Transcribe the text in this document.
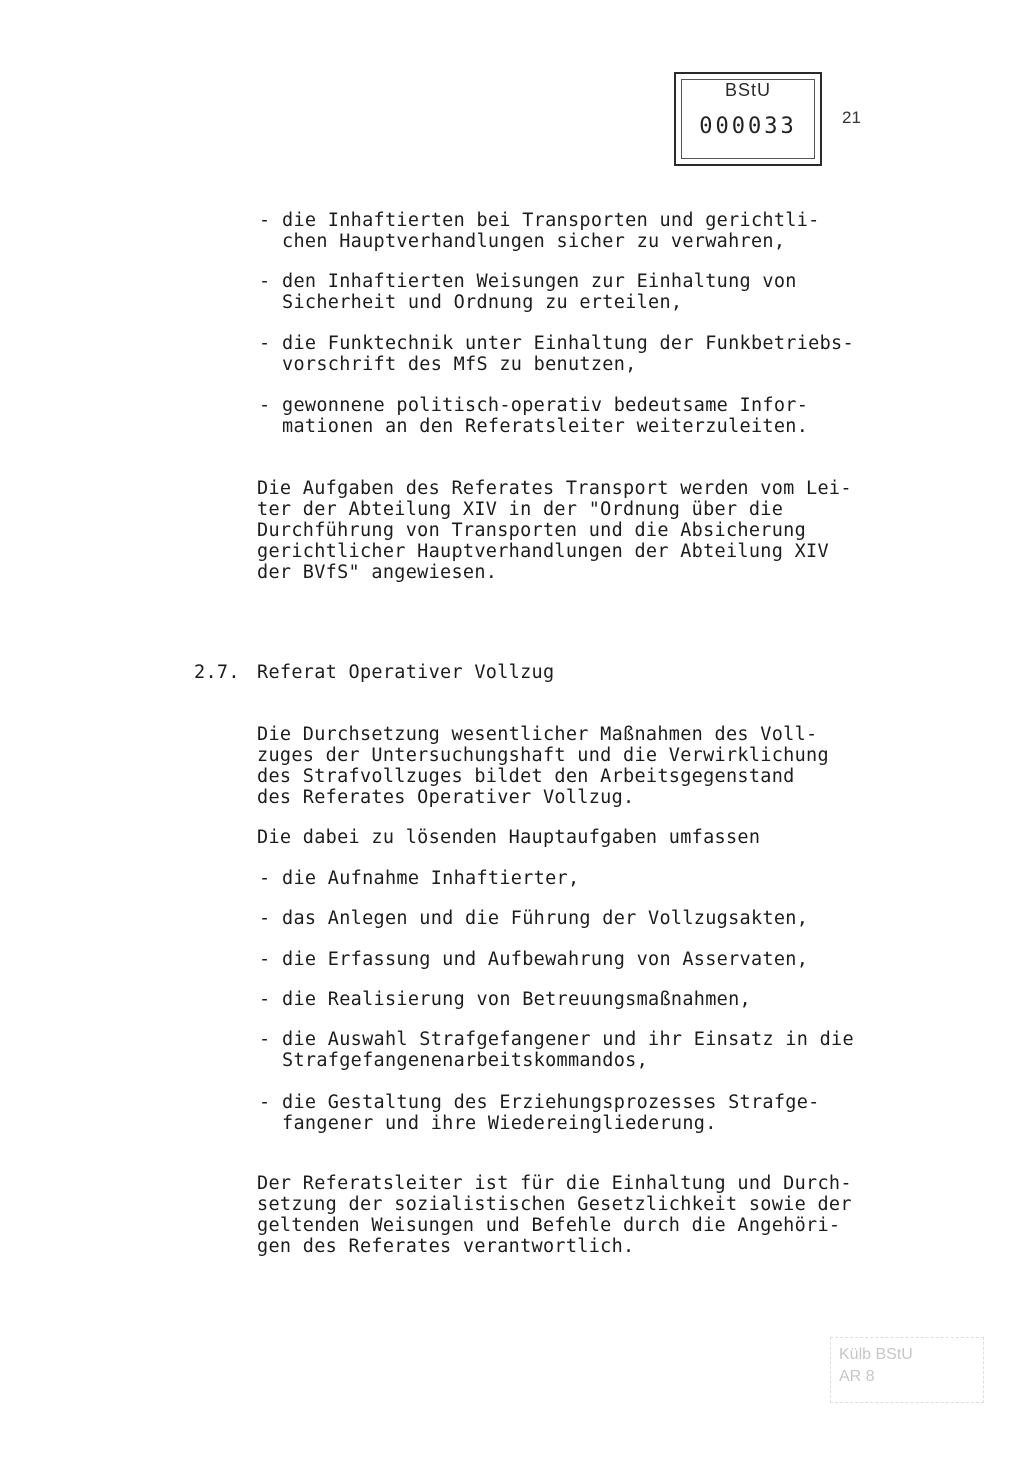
BStU
000033	21
- die Inhaftierten bei Transporten und gerichtli-
chen Hauptverhandlungen sicher zu verwahren,
- den Inhaftierten Weisungen zur Einhaltung von
Sicherheit und Ordnung zu erteilen,
- die Funktechnik unter Einhaltung der Funkbetriebs-
vorschrift des MfS zu benutzen,
- gewonnene politisch-operativ bedeutsame Infor-
mationen an den Referatsleiter weiterzuleiten.
Die Aufgaben des Referates Transport werden vom Lei-
ter der Abteilung XIV in der "Ordnung über die
Durchführung von Transporten und die Absicherung
gerichtlicher Hauptverhandlungen der Abteilung XIV
der BVfS" angewiesen.
2.7. Referat Operativer Vollzug
Die Durchsetzung wesentlicher Maßnahmen des Voll-
zuges der Untersuchungshaft und die Verwirklichung
des Strafvollzuges bildet den Arbeitsgegenstand
des Referates Operativer Vollzug.
Die dabei zu lösenden Hauptaufgaben umfassen
- die Aufnahme Inhaftierter,
- das Anlegen und die Führung der Vollzugsakten,
- die Erfassung und Aufbewahrung von Asservaten,
- die Realisierung von Betreuungsmaßnahmen,
- die Auswahl Strafgefangener und ihr Einsatz in die
Strafgefangenenarbeitskommandos,
- die Gestaltung des Erziehungsprozesses Strafge-
fangener und ihre Wiedereingliederung.
Der Referatsleiter ist für die Einhaltung und Durch-
setzung der sozialistischen Gesetzlichkeit sowie der
geltenden Weisungen und Befehle durch die Angehöri-
gen des Referates verantwortlich.
Külb BStU
AR 8
